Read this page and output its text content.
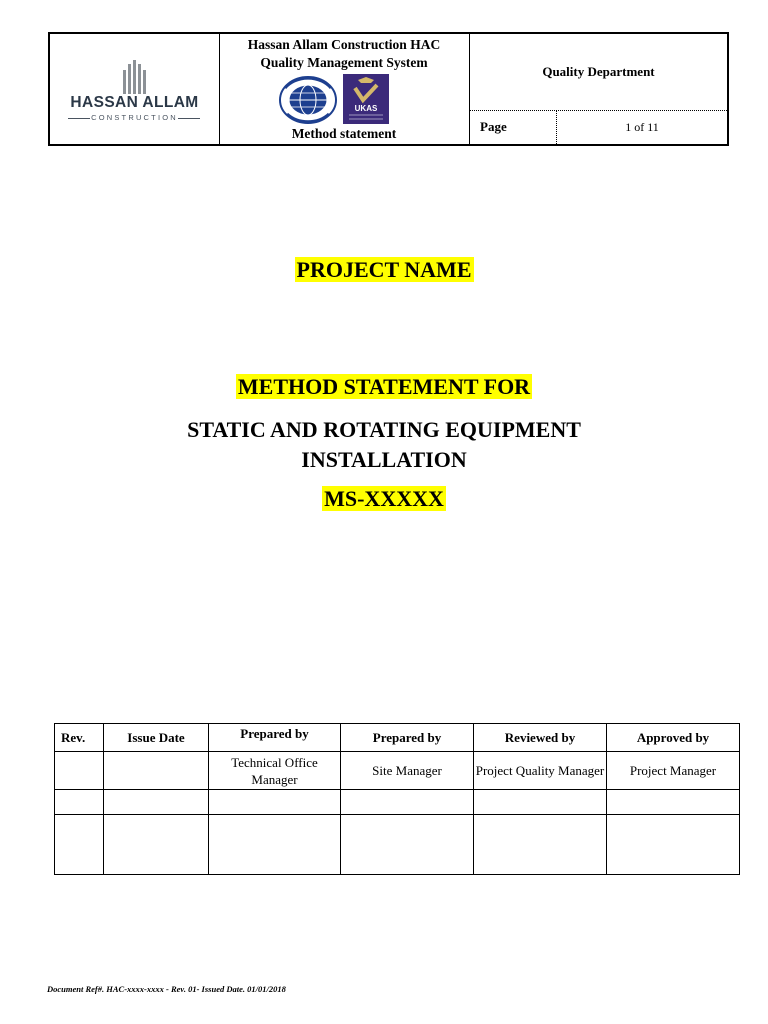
HASSAN ALLAM
CONSTRUCTION
Hassan Allam Construction HAC
Quality Management System
UKAS
Method statement
Quality Department
Page	1 of 11
PROJECT NAME
METHOD STATEMENT FOR
STATIC AND ROTATING EQUIPMENT
INSTALLATION
MS-XXXXX
Rev.	Issue Date	Prepared by	Prepared by	Reviewed by	Approved by
		Technical Office Manager	Site Manager	Project Quality Manager	Project Manager

Document Ref#. HAC-xxxx-xxxx - Rev. 01- Issued Date. 01/01/2018
